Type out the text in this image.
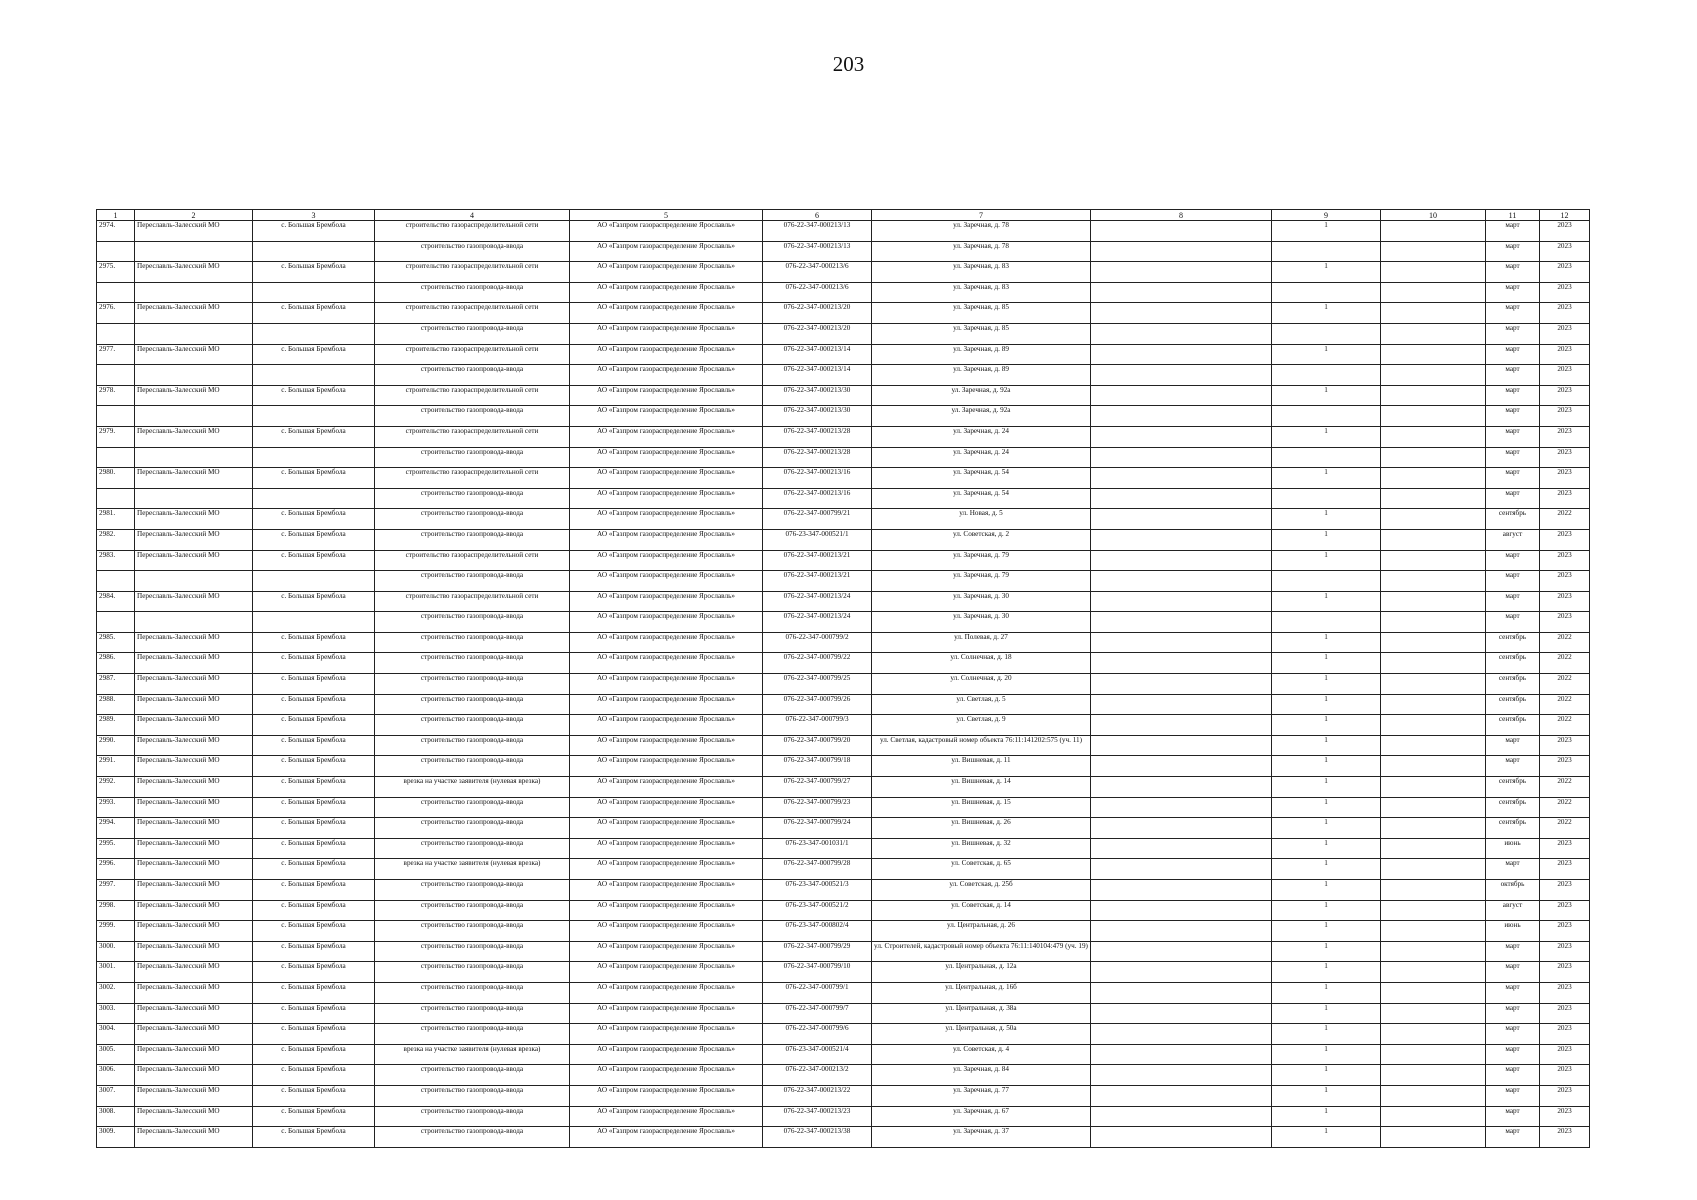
203
1	2	3	4	5	6	7	8	9	10	11	12
2974.	Переславль-Залесский МО	с. Большая Брембола	строительство газораспределительной сети	АО «Газпром газораспределение Ярославль»	076-22-347-000213/13	ул. Заречная, д. 78		1		март	2023
			строительство газопровода-ввода	АО «Газпром газораспределение Ярославль»	076-22-347-000213/13	ул. Заречная, д. 78				март	2023
2975.	Переславль-Залесский МО	с. Большая Брембола	строительство газораспределительной сети	АО «Газпром газораспределение Ярославль»	076-22-347-000213/6	ул. Заречная, д. 83		1		март	2023
			строительство газопровода-ввода	АО «Газпром газораспределение Ярославль»	076-22-347-000213/6	ул. Заречная, д. 83				март	2023
2976.	Переславль-Залесский МО	с. Большая Брембола	строительство газораспределительной сети	АО «Газпром газораспределение Ярославль»	076-22-347-000213/20	ул. Заречная, д. 85		1		март	2023
			строительство газопровода-ввода	АО «Газпром газораспределение Ярославль»	076-22-347-000213/20	ул. Заречная, д. 85				март	2023
2977.	Переславль-Залесский МО	с. Большая Брембола	строительство газораспределительной сети	АО «Газпром газораспределение Ярославль»	076-22-347-000213/14	ул. Заречная, д. 89		1		март	2023
			строительство газопровода-ввода	АО «Газпром газораспределение Ярославль»	076-22-347-000213/14	ул. Заречная, д. 89				март	2023
2978.	Переславль-Залесский МО	с. Большая Брембола	строительство газораспределительной сети	АО «Газпром газораспределение Ярославль»	076-22-347-000213/30	ул. Заречная, д. 92а		1		март	2023
			строительство газопровода-ввода	АО «Газпром газораспределение Ярославль»	076-22-347-000213/30	ул. Заречная, д. 92а				март	2023
2979.	Переславль-Залесский МО	с. Большая Брембола	строительство газораспределительной сети	АО «Газпром газораспределение Ярославль»	076-22-347-000213/28	ул. Заречная, д. 24		1		март	2023
			строительство газопровода-ввода	АО «Газпром газораспределение Ярославль»	076-22-347-000213/28	ул. Заречная, д. 24				март	2023
2980.	Переславль-Залесский МО	с. Большая Брембола	строительство газораспределительной сети	АО «Газпром газораспределение Ярославль»	076-22-347-000213/16	ул. Заречная, д. 54		1		март	2023
			строительство газопровода-ввода	АО «Газпром газораспределение Ярославль»	076-22-347-000213/16	ул. Заречная, д. 54				март	2023
2981.	Переславль-Залесский МО	с. Большая Брембола	строительство газопровода-ввода	АО «Газпром газораспределение Ярославль»	076-22-347-000799/21	ул. Новая, д. 5		1		сентябрь	2022
2982.	Переславль-Залесский МО	с. Большая Брембола	строительство газопровода-ввода	АО «Газпром газораспределение Ярославль»	076-23-347-000521/1	ул. Советская, д. 2		1		август	2023
2983.	Переславль-Залесский МО	с. Большая Брембола	строительство газораспределительной сети	АО «Газпром газораспределение Ярославль»	076-22-347-000213/21	ул. Заречная, д. 79		1		март	2023
			строительство газопровода-ввода	АО «Газпром газораспределение Ярославль»	076-22-347-000213/21	ул. Заречная, д. 79				март	2023
2984.	Переславль-Залесский МО	с. Большая Брембола	строительство газораспределительной сети	АО «Газпром газораспределение Ярославль»	076-22-347-000213/24	ул. Заречная, д. 30		1		март	2023
			строительство газопровода-ввода	АО «Газпром газораспределение Ярославль»	076-22-347-000213/24	ул. Заречная, д. 30				март	2023
2985.	Переславль-Залесский МО	с. Большая Брембола	строительство газопровода-ввода	АО «Газпром газораспределение Ярославль»	076-22-347-000799/2	ул. Полевая, д. 27		1		сентябрь	2022
2986.	Переславль-Залесский МО	с. Большая Брембола	строительство газопровода-ввода	АО «Газпром газораспределение Ярославль»	076-22-347-000799/22	ул. Солнечная, д. 18		1		сентябрь	2022
2987.	Переславль-Залесский МО	с. Большая Брембола	строительство газопровода-ввода	АО «Газпром газораспределение Ярославль»	076-22-347-000799/25	ул. Солнечная, д. 20		1		сентябрь	2022
2988.	Переславль-Залесский МО	с. Большая Брембола	строительство газопровода-ввода	АО «Газпром газораспределение Ярославль»	076-22-347-000799/26	ул. Светлая, д. 5		1		сентябрь	2022
2989.	Переславль-Залесский МО	с. Большая Брембола	строительство газопровода-ввода	АО «Газпром газораспределение Ярославль»	076-22-347-000799/3	ул. Светлая, д. 9		1		сентябрь	2022
2990.	Переславль-Залесский МО	с. Большая Брембола	строительство газопровода-ввода	АО «Газпром газораспределение Ярославль»	076-22-347-000799/20	ул. Светлая, кадастровый номер объекта 76:11:141202:575 (уч. 11)		1		март	2023
2991.	Переславль-Залесский МО	с. Большая Брембола	строительство газопровода-ввода	АО «Газпром газораспределение Ярославль»	076-22-347-000799/18	ул. Вишневая, д. 11		1		март	2023
2992.	Переславль-Залесский МО	с. Большая Брембола	врезка на участке заявителя (нулевая врезка)	АО «Газпром газораспределение Ярославль»	076-22-347-000799/27	ул. Вишневая, д. 14		1		сентябрь	2022
2993.	Переславль-Залесский МО	с. Большая Брембола	строительство газопровода-ввода	АО «Газпром газораспределение Ярославль»	076-22-347-000799/23	ул. Вишневая, д. 15		1		сентябрь	2022
2994.	Переславль-Залесский МО	с. Большая Брембола	строительство газопровода-ввода	АО «Газпром газораспределение Ярославль»	076-22-347-000799/24	ул. Вишневая, д. 26		1		сентябрь	2022
2995.	Переславль-Залесский МО	с. Большая Брембола	строительство газопровода-ввода	АО «Газпром газораспределение Ярославль»	076-23-347-001031/1	ул. Вишневая, д. 32		1		июнь	2023
2996.	Переславль-Залесский МО	с. Большая Брембола	врезка на участке заявителя (нулевая врезка)	АО «Газпром газораспределение Ярославль»	076-22-347-000799/28	ул. Советская, д. 65		1		март	2023
2997.	Переславль-Залесский МО	с. Большая Брембола	строительство газопровода-ввода	АО «Газпром газораспределение Ярославль»	076-23-347-000521/3	ул. Советская, д. 25б		1		октябрь	2023
2998.	Переславль-Залесский МО	с. Большая Брембола	строительство газопровода-ввода	АО «Газпром газораспределение Ярославль»	076-23-347-000521/2	ул. Советская, д. 14		1		август	2023
2999.	Переславль-Залесский МО	с. Большая Брембола	строительство газопровода-ввода	АО «Газпром газораспределение Ярославль»	076-23-347-000802/4	ул. Центральная, д. 26		1		июнь	2023
3000.	Переславль-Залесский МО	с. Большая Брембола	строительство газопровода-ввода	АО «Газпром газораспределение Ярославль»	076-22-347-000799/29	ул. Строителей, кадастровый номер объекта 76:11:140104:479 (уч. 19)		1		март	2023
3001.	Переславль-Залесский МО	с. Большая Брембола	строительство газопровода-ввода	АО «Газпром газораспределение Ярославль»	076-22-347-000799/10	ул. Центральная, д. 12а		1		март	2023
3002.	Переславль-Залесский МО	с. Большая Брембола	строительство газопровода-ввода	АО «Газпром газораспределение Ярославль»	076-22-347-000799/1	ул. Центральная, д. 16б		1		март	2023
3003.	Переславль-Залесский МО	с. Большая Брембола	строительство газопровода-ввода	АО «Газпром газораспределение Ярославль»	076-22-347-000799/7	ул. Центральная, д. 38а		1		март	2023
3004.	Переславль-Залесский МО	с. Большая Брембола	строительство газопровода-ввода	АО «Газпром газораспределение Ярославль»	076-22-347-000799/6	ул. Центральная, д. 50а		1		март	2023
3005.	Переславль-Залесский МО	с. Большая Брембола	врезка на участке заявителя (нулевая врезка)	АО «Газпром газораспределение Ярославль»	076-23-347-000521/4	ул. Советская, д. 4		1		март	2023
3006.	Переславль-Залесский МО	с. Большая Брембола	строительство газопровода-ввода	АО «Газпром газораспределение Ярославль»	076-22-347-000213/2	ул. Заречная, д. 84		1		март	2023
3007.	Переславль-Залесский МО	с. Большая Брембола	строительство газопровода-ввода	АО «Газпром газораспределение Ярославль»	076-22-347-000213/22	ул. Заречная, д. 77		1		март	2023
3008.	Переславль-Залесский МО	с. Большая Брембола	строительство газопровода-ввода	АО «Газпром газораспределение Ярославль»	076-22-347-000213/23	ул. Заречная, д. 67		1		март	2023
3009.	Переславль-Залесский МО	с. Большая Брембола	строительство газопровода-ввода	АО «Газпром газораспределение Ярославль»	076-22-347-000213/38	ул. Заречная, д. 37		1		март	2023
